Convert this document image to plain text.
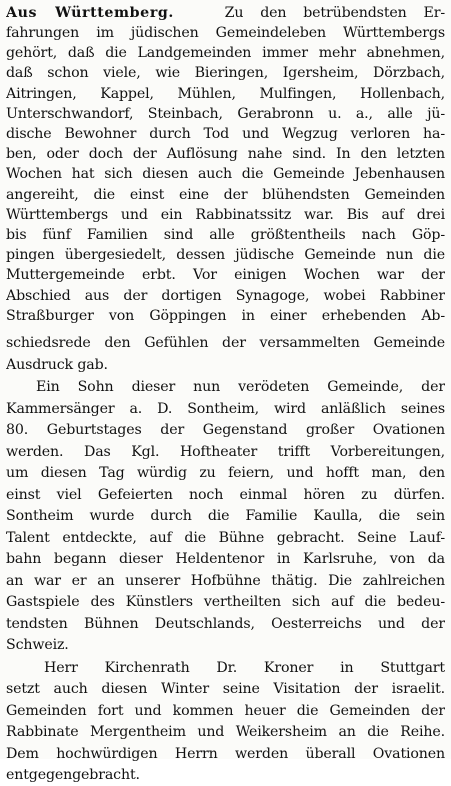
Aus Württemberg.	Zu den betrübendsten Er-
fahrungen im jüdischen Gemeindeleben Württembergs
gehört, daß die Landgemeinden immer mehr abnehmen,
daß schon viele, wie Bieringen, Igersheim, Dörzbach,
Aitringen, Kappel, Mühlen, Mulfingen, Hollenbach,
Unterschwandorf, Steinbach, Gerabronn u. a., alle jü-
dische Bewohner durch Tod und Wegzug verloren ha-
ben, oder doch der Auflösung nahe sind. In den letzten
Wochen hat sich diesen auch die Gemeinde Jebenhausen
angereiht, die einst eine der blühendsten Gemeinden
Württembergs und ein Rabbinatssitz war. Bis auf drei
bis fünf Familien sind alle größtentheils nach Göp-
pingen übergesiedelt, dessen jüdische Gemeinde nun die
Muttergemeinde erbt. Vor einigen Wochen war der
Abschied aus der dortigen Synagoge, wobei Rabbiner
Straßburger von Göppingen in einer erhebenden Ab-
schiedsrede den Gefühlen der versammelten Gemeinde
Ausdruck gab.
Ein Sohn dieser nun verödeten Gemeinde, der
Kammersänger a. D. Sontheim, wird anläßlich seines
80. Geburtstages der Gegenstand großer Ovationen
werden. Das Kgl. Hoftheater trifft Vorbereitungen,
um diesen Tag würdig zu feiern, und hofft man, den
einst viel Gefeierten noch einmal hören zu dürfen.
Sontheim wurde durch die Familie Kaulla, die sein
Talent entdeckte, auf die Bühne gebracht. Seine Lauf-
bahn begann dieser Heldentenor in Karlsruhe, von da
an war er an unserer Hofbühne thätig. Die zahlreichen
Gastspiele des Künstlers vertheilten sich auf die bedeu-
tendsten Bühnen Deutschlands, Oesterreichs und der
Schweiz.
Herr Kirchenrath Dr. Kroner in Stuttgart
setzt auch diesen Winter seine Visitation der israelit.
Gemeinden fort und kommen heuer die Gemeinden der
Rabbinate Mergentheim und Weikersheim an die Reihe.
Dem hochwürdigen Herrn werden überall Ovationen
entgegengebracht.
